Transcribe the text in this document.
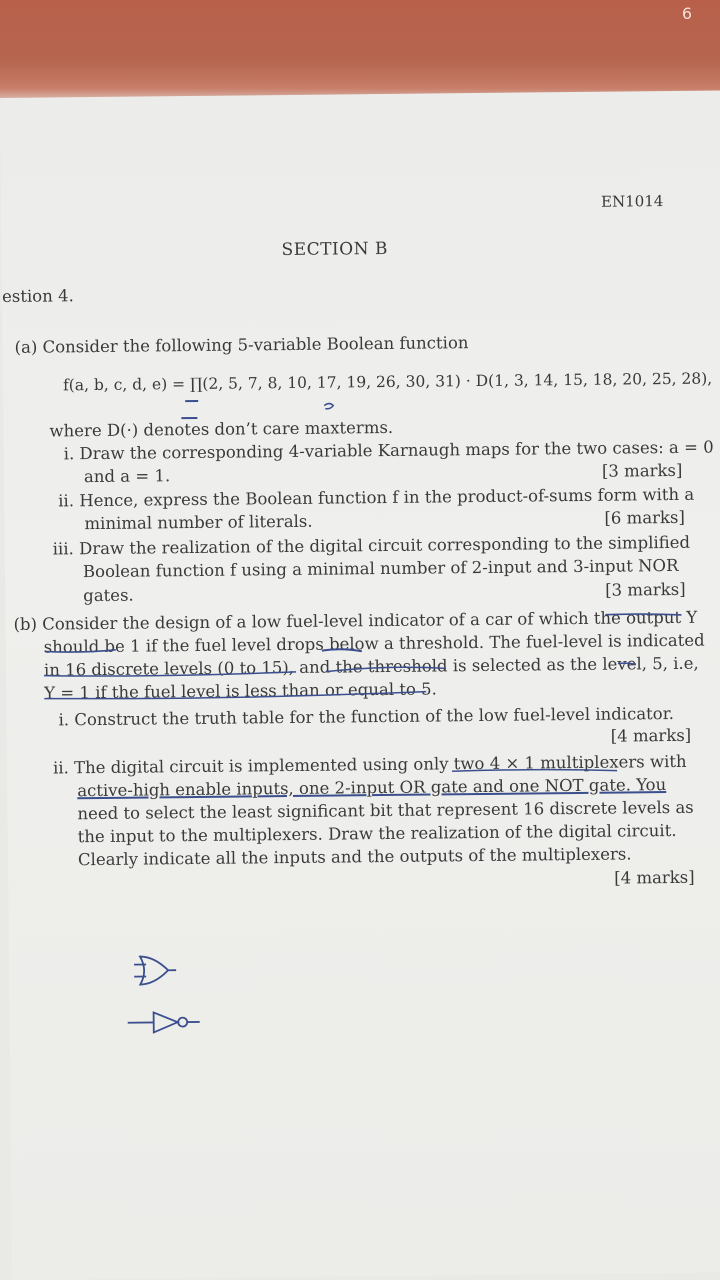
6
EN1014
SECTION B
estion 4.
(a) Consider the following 5-variable Boolean function
f(a, b, c, d, e) = ∏(2, 5, 7, 8, 10, 17, 19, 26, 30, 31) · D(1, 3, 14, 15, 18, 20, 25, 28),
where D(·) denotes don’t care maxterms.
i. Draw the corresponding 4-variable Karnaugh maps for the two cases: a = 0
and a = 1.	[3 marks]
ii. Hence, express the Boolean function f in the product-of-sums form with a
minimal number of literals.	[6 marks]
iii. Draw the realization of the digital circuit corresponding to the simplified
Boolean function f using a minimal number of 2-input and 3-input NOR
gates.	[3 marks]
(b) Consider the design of a low fuel-level indicator of a car of which the output Y
should be 1 if the fuel level drops below a threshold. The fuel-level is indicated
in 16 discrete levels (0 to 15), and the threshold is selected as the level, 5, i.e,
Y = 1 if the fuel level is less than or equal to 5.
i. Construct the truth table for the function of the low fuel-level indicator.
[4 marks]
ii. The digital circuit is implemented using only two 4 × 1 multiplexers with
active-high enable inputs, one 2-input OR gate and one NOT gate. You
need to select the least significant bit that represent 16 discrete levels as
the input to the multiplexers. Draw the realization of the digital circuit.
Clearly indicate all the inputs and the outputs of the multiplexers.
[4 marks]
